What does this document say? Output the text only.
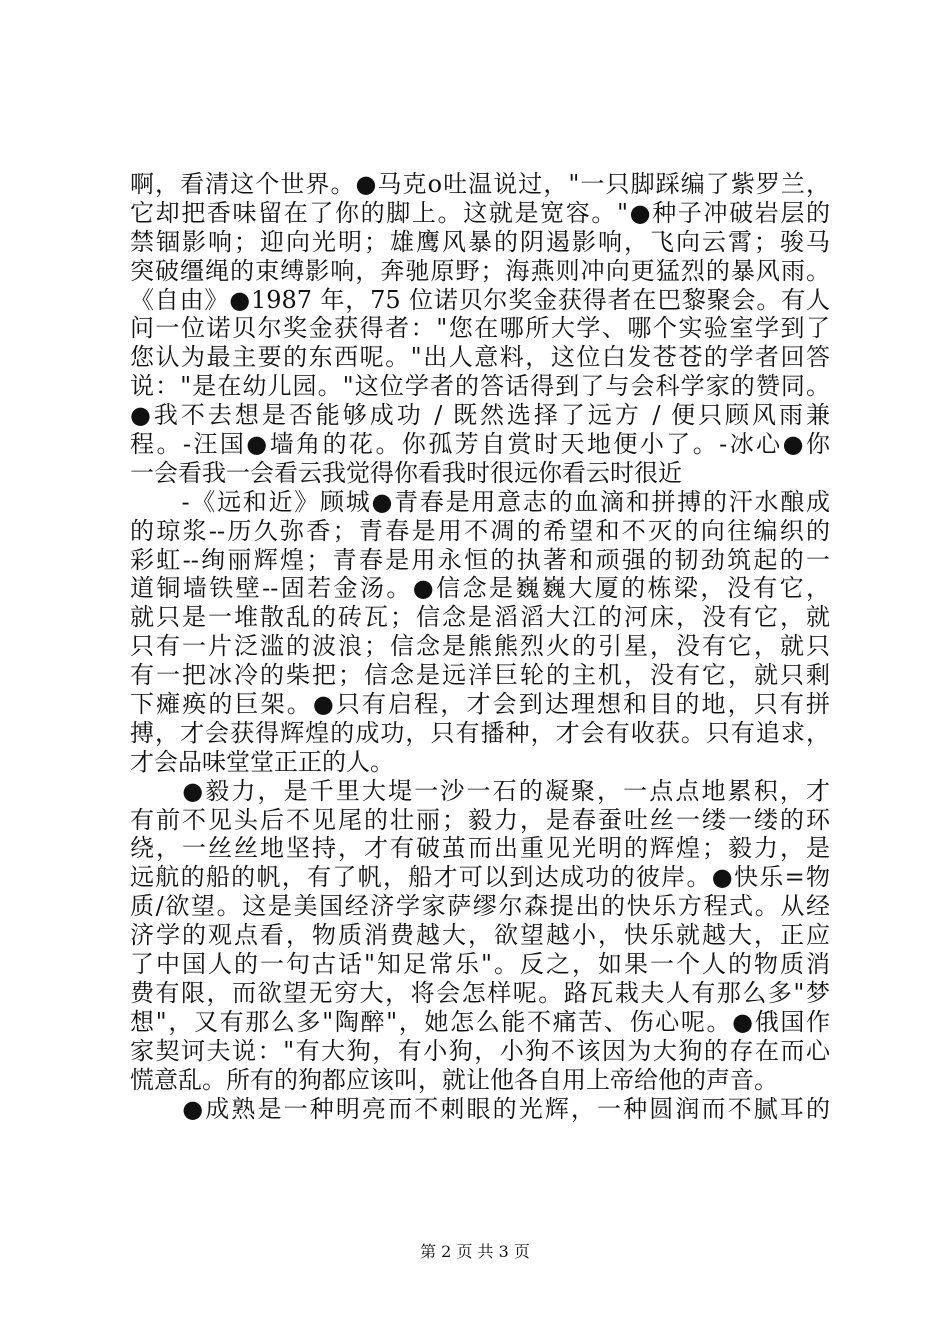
啊，看清这个世界。●马克o吐温说过，"一只脚踩编了紫罗兰，
它却把香味留在了你的脚上。这就是宽容。"●种子冲破岩层的
禁锢影响；迎向光明；雄鹰风暴的阴遏影响，飞向云霄；骏马
突破缰绳的束缚影响，奔驰原野；海燕则冲向更猛烈的暴风雨。
《自由》●1987 年，75 位诺贝尔奖金获得者在巴黎聚会。有人
问一位诺贝尔奖金获得者："您在哪所大学、哪个实验室学到了
您认为最主要的东西呢。"出人意料，这位白发苍苍的学者回答
说："是在幼儿园。"这位学者的答话得到了与会科学家的赞同。
●我不去想是否能够成功 / 既然选择了远方 / 便只顾风雨兼
程。-汪国●墙角的花。你孤芳自赏时天地便小了。-冰心●你
一会看我一会看云我觉得你看我时很远你看云时很近
　　-《远和近》顾城●青春是用意志的血滴和拼搏的汗水酿成
的琼浆--历久弥香；青春是用不凋的希望和不灭的向往编织的
彩虹--绚丽辉煌；青春是用永恒的执著和顽强的韧劲筑起的一
道铜墙铁壁--固若金汤。●信念是巍巍大厦的栋梁，没有它，
就只是一堆散乱的砖瓦；信念是滔滔大江的河床，没有它，就
只有一片泛滥的波浪；信念是熊熊烈火的引星，没有它，就只
有一把冰冷的柴把；信念是远洋巨轮的主机，没有它，就只剩
下瘫痪的巨架。●只有启程，才会到达理想和目的地，只有拼
搏，才会获得辉煌的成功，只有播种，才会有收获。只有追求，
才会品味堂堂正正的人。
　　●毅力，是千里大堤一沙一石的凝聚，一点点地累积，才
有前不见头后不见尾的壮丽；毅力，是春蚕吐丝一缕一缕的环
绕，一丝丝地坚持，才有破茧而出重见光明的辉煌；毅力，是
远航的船的帆，有了帆，船才可以到达成功的彼岸。●快乐=物
质/欲望。这是美国经济学家萨缪尔森提出的快乐方程式。从经
济学的观点看，物质消费越大，欲望越小，快乐就越大，正应
了中国人的一句古话"知足常乐"。反之，如果一个人的物质消
费有限，而欲望无穷大，将会怎样呢。路瓦栽夫人有那么多"梦
想"，又有那么多"陶醉"，她怎么能不痛苦、伤心呢。●俄国作
家契诃夫说："有大狗，有小狗，小狗不该因为大狗的存在而心
慌意乱。所有的狗都应该叫，就让他各自用上帝给他的声音。
　　●成熟是一种明亮而不刺眼的光辉，一种圆润而不腻耳的
第 2 页 共 3 页
